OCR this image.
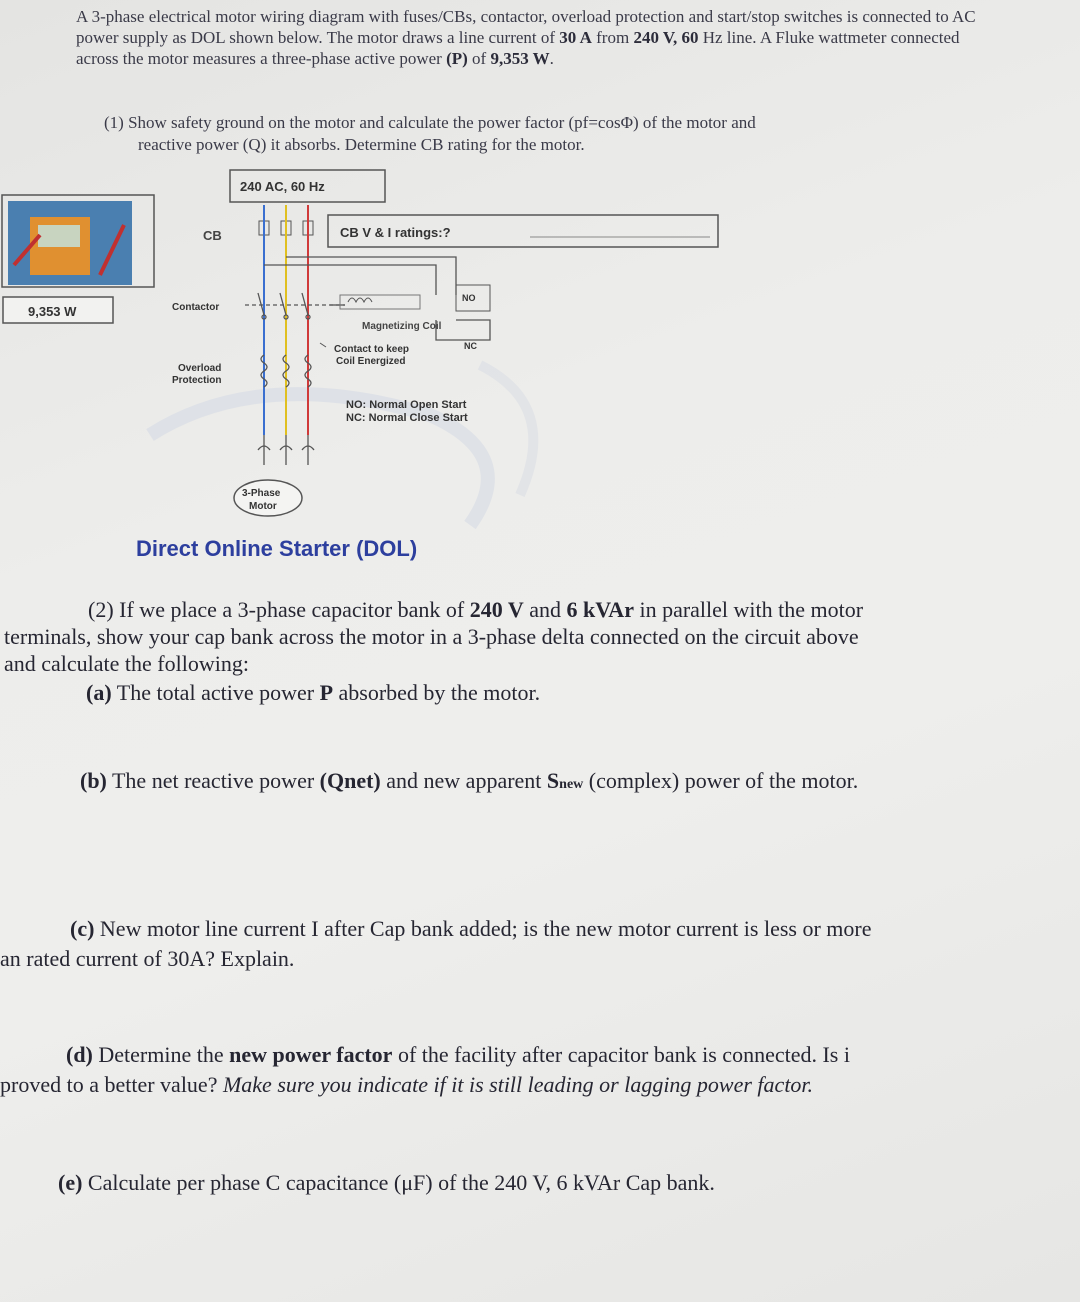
A 3-phase electrical motor wiring diagram with fuses/CBs, contactor, overload protection and start/stop switches is connected to AC power supply as DOL shown below. The motor draws a line current of 30 A from 240 V, 60 Hz line. A Fluke wattmeter connected across the motor measures a three-phase active power (P) of 9,353 W.
(1) Show safety ground on the motor and calculate the power factor (pf=cosΦ) of the motor and
reactive power (Q) it absorbs. Determine CB rating for the motor.
240 AC, 60 Hz
9,353 W
CB	CB V & I ratings:?
Contactor
Magnetizing Coil
NO
NC
Contact to keep
Coil Energized
Overload
Protection
NO: Normal Open Start
NC: Normal Close Start
3-Phase
Motor
Direct Online Starter (DOL)
(2) If we place a 3-phase capacitor bank of 240 V and 6 kVAr in parallel with the motor
terminals, show your cap bank across the motor in a 3-phase delta connected on the circuit above
and calculate the following:
(a) The total active power P absorbed by the motor.
(b) The net reactive power (Qnet) and new apparent Snew (complex) power of the motor.
(c) New motor line current I after Cap bank added; is the new motor current is less or more
an rated current of 30A? Explain.
(d) Determine the new power factor of the facility after capacitor bank is connected. Is i
proved to a better value? Make sure you indicate if it is still leading or lagging power factor.
(e) Calculate per phase C capacitance (μF) of the 240 V, 6 kVAr Cap bank.
